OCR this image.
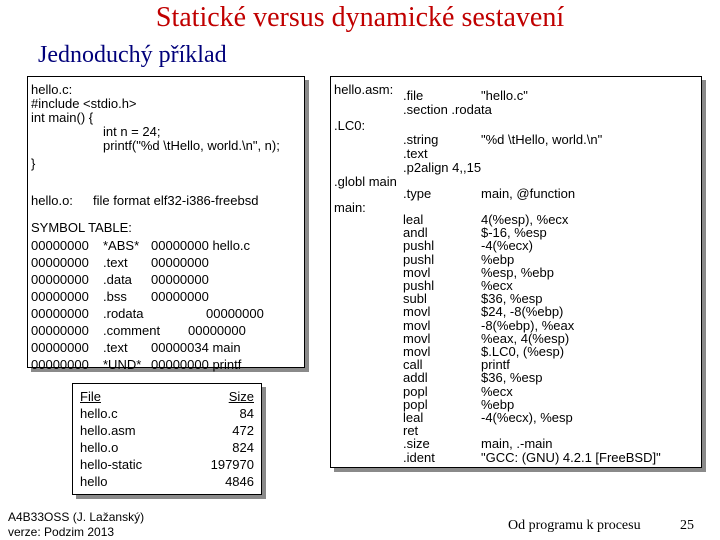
Statické versus dynamické sestavení
Jednoduchý příklad
hello.c:
#include <stdio.h>
int main() {
int n = 24;
printf("%d \tHello, world.\n", n);
}
hello.o: file format elf32-i386-freebsd
SYMBOL TABLE:
00000000 *ABS* 00000000 hello.c
00000000 .text 00000000
00000000 .data 00000000
00000000 .bss 00000000
00000000 .rodata	00000000
00000000 .comment 00000000
00000000 .text 00000034 main
00000000 *UND* 00000000 printf
File	Size
hello.c	84
hello.asm	472
hello.o	824
hello-static	197970
hello	4846
hello.asm: .file	"hello.c"
.section .rodata
.LC0:
.string	"%d \tHello, world.\n"
.text
.p2align 4,,15
.globl main
.type	main, @function
main:
leal	4(%esp), %ecx
andl	$-16, %esp
pushl	-4(%ecx)
pushl	%ebp
movl	%esp, %ebp
pushl	%ecx
subl	$36, %esp
movl	$24, -8(%ebp)
movl	-8(%ebp), %eax
movl	%eax, 4(%esp)
movl	$.LC0, (%esp)
call	printf
addl	$36, %esp
popl	%ecx
popl	%ebp
leal	-4(%ecx), %esp
ret
.size	main, .-main
.ident	"GCC: (GNU) 4.2.1 [FreeBSD]"
A4B33OSS (J. Lažanský)
verze: Podzim 2013	Od programu k procesu	25
